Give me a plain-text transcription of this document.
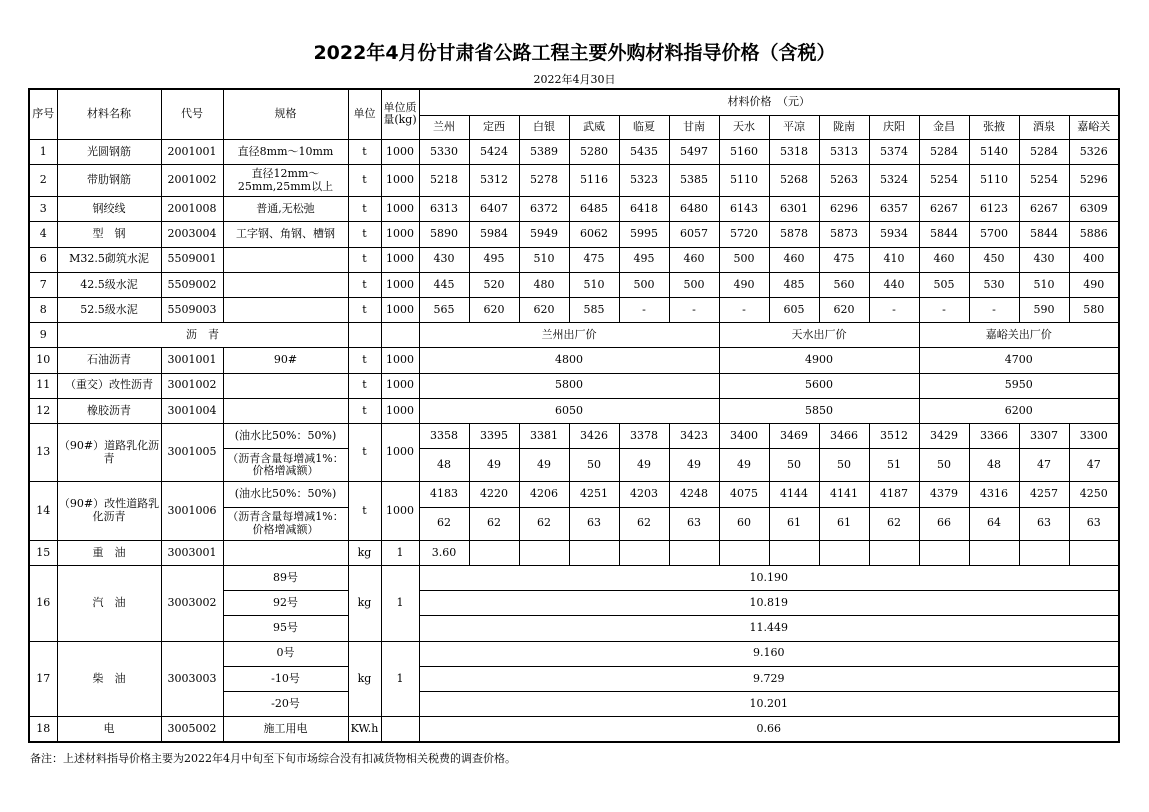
2022年4月份甘肃省公路工程主要外购材料指导价格（含税）
2022年4月30日
序号	材料名称	代号	规格	单位	单位质量(kg)	材料价格　（元）													
						兰州	定西	白银	武威	临夏	甘南	天水	平凉	陇南	庆阳	金昌	张掖	酒泉	嘉峪关
1	光圆钢筋	2001001	直径8mm～10mm	t	1000	5330	5424	5389	5280	5435	5497	5160	5318	5313	5374	5284	5140	5284	5326
2	带肋钢筋	2001002	直径12mm～25mm,25mm以上	t	1000	5218	5312	5278	5116	5323	5385	5110	5268	5263	5324	5254	5110	5254	5296
3	钢绞线	2001008	普通,无松弛	t	1000	6313	6407	6372	6485	6418	6480	6143	6301	6296	6357	6267	6123	6267	6309
4	型　钢	2003004	工字钢、角钢、槽钢	t	1000	5890	5984	5949	6062	5995	6057	5720	5878	5873	5934	5844	5700	5844	5886
6	M32.5砌筑水泥	5509001		t	1000	430	495	510	475	495	460	500	460	475	410	460	450	430	400
7	42.5级水泥	5509002		t	1000	445	520	480	510	500	500	490	485	560	440	505	530	510	490
8	52.5级水泥	5509003		t	1000	565	620	620	585	-	-	-	605	620	-	-	-	590	580
9	沥　青					兰州出厂价						天水出厂价				嘉峪关出厂价			
10	石油沥青	3001001	90#	t	1000	4800						4900				4700			
11	（重交）改性沥青	3001002		t	1000	5800						5600				5950			
12	橡胶沥青	3001004		t	1000	6050						5850				6200			
13	（90#）道路乳化沥青	3001005	(油水比50%：50%)	t	1000	3358	3395	3381	3426	3378	3423	3400	3469	3466	3512	3429	3366	3307	3300
			（沥青含量每增减1%：价格增减额）			48	49	49	50	49	49	49	50	50	51	50	48	47	47
14	（90#）改性道路乳化沥青	3001006	(油水比50%：50%)	t	1000	4183	4220	4206	4251	4203	4248	4075	4144	4141	4187	4379	4316	4257	4250
			（沥青含量每增减1%：价格增减额）			62	62	62	63	62	63	60	61	61	62	66	64	63	63
15	重　油	3003001		kg	1	3.60													
16	汽　油	3003002	89号	kg	1	10.190													
			92号			10.819													
			95号			11.449													
17	柴　油	3003003	0号	kg	1	9.160													
			-10号			9.729													
			-20号			10.201													
18	电	3005002	施工用电	KW.h		0.66													
备注：上述材料指导价格主要为2022年4月中旬至下旬市场综合没有扣减货物相关税费的调查价格。
